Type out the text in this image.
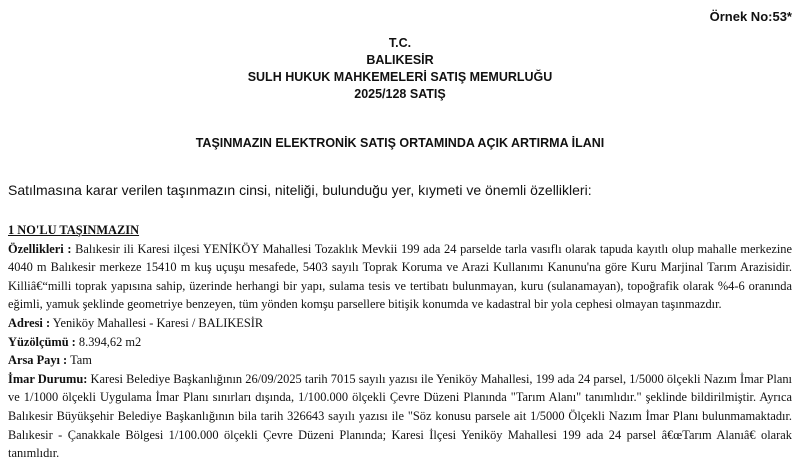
Örnek No:53*
T.C.
BALIKESİR
SULH HUKUK MAHKEMELERİ SATIŞ MEMURLUĞU
2025/128 SATIŞ
TAŞINMAZIN ELEKTRONİK SATIŞ ORTAMINDA AÇIK ARTIRMA İLANI
Satılmasına karar verilen taşınmazın cinsi, niteliği, bulunduğu yer, kıymeti ve önemli özellikleri:
1 NO'LU TAŞINMAZIN

Özellikleri : Balıkesir ili Karesi ilçesi YENİKÖY Mahallesi Tozaklık Mevkii 199 ada 24 parselde tarla vasıflı olarak tapuda kayıtlı olup mahalle merkezine 4040 m Balıkesir merkeze 15410 m kuş uçuşu mesafede, 5403 sayılı Toprak Koruma ve Arazi Kullanımı Kanunu'na göre Kuru Marjinal Tarım Arazisidir. Killiâ€“milli toprak yapısına sahip, üzerinde herhangi bir yapı, sulama tesis ve tertibatı bulunmayan, kuru (sulanamayan), topoğrafik olarak %4-6 oranında eğimli, yamuk şeklinde geometriye benzeyen, tüm yönden komşu parsellere bitişik konumda ve kadastral bir yola cephesi olmayan taşınmazdır.

Adresi : Yeniköy Mahallesi - Karesi / BALIKESİR

Yüzölçümü : 8.394,62 m2

Arsa Payı : Tam

İmar Durumu: Karesi Belediye Başkanlığının 26/09/2025 tarih 7015 sayılı yazısı ile Yeniköy Mahallesi, 199 ada 24 parsel, 1/5000 ölçekli Nazım İmar Planı ve 1/1000 ölçekli Uygulama İmar Planı sınırları dışında, 1/100.000 ölçekli Çevre Düzeni Planında "Tarım Alanı" tanımlıdır." şeklinde bildirilmiştir. Ayrıca Balıkesir Büyükşehir Belediye Başkanlığının bila tarih 326643 sayılı yazısı ile "Söz konusu parsele ait 1/5000 Ölçekli Nazım İmar Planı bulunmamaktadır. Balıkesir - Çanakkale Bölgesi 1/100.000 ölçekli Çevre Düzeni Planında; Karesi İlçesi Yeniköy Mahallesi 199 ada 24 parsel â€œTarım Alanıâ€ olarak tanımlıdır.
